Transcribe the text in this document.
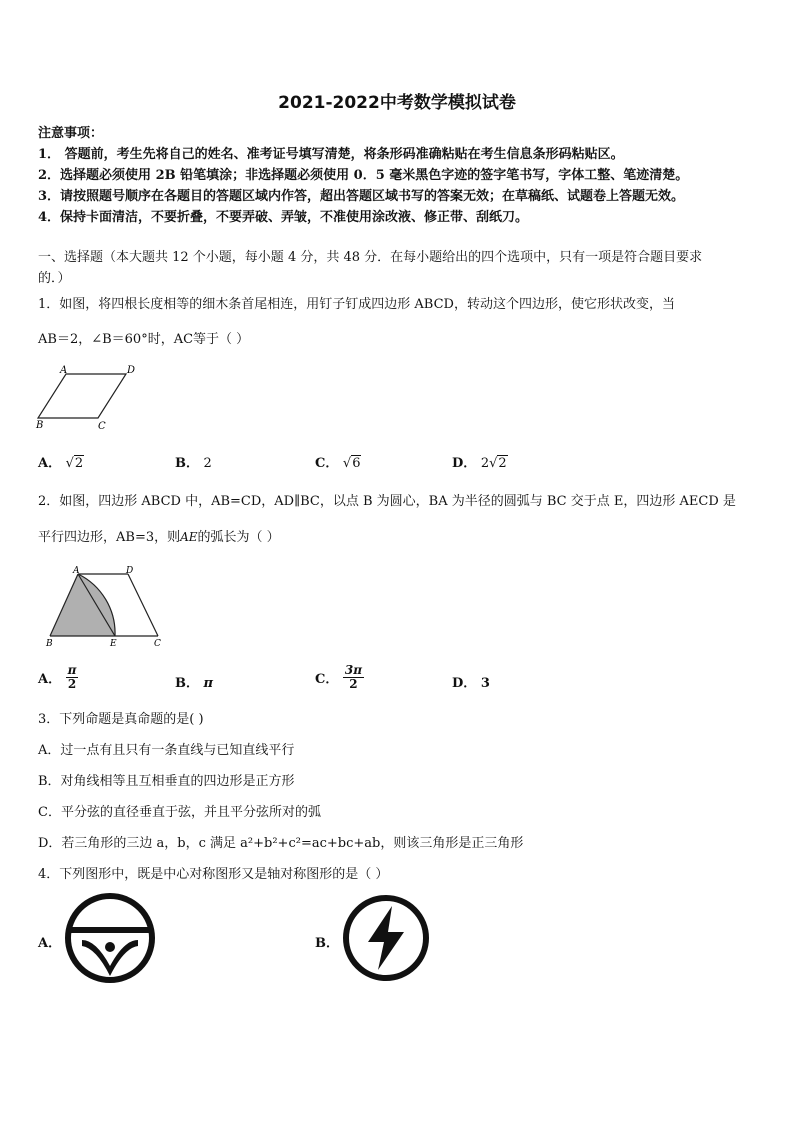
2021-2022中考数学模拟试卷
注意事项：
1． 答题前，考生先将自己的姓名、准考证号填写清楚，将条形码准确粘贴在考生信息条形码粘贴区。
2．选择题必须使用 2B 铅笔填涂；非选择题必须使用 0．5 毫米黑色字迹的签字笔书写，字体工整、笔迹清楚。
3．请按照题号顺序在各题目的答题区域内作答，超出答题区域书写的答案无效；在草稿纸、试题卷上答题无效。
4．保持卡面清洁，不要折叠，不要弄破、弄皱，不准使用涂改液、修正带、刮纸刀。
一、选择题（本大题共 12 个小题，每小题 4 分，共 48 分．在每小题给出的四个选项中，只有一项是符合题目要求
的．）
1．如图，将四根长度相等的细木条首尾相连，用钉子钉成四边形 ABCD，转动这个四边形，使它形状改变，当
AB＝2，∠B＝60°时，AC等于（ ）
A	D
B	C
A． √2	B． 2	C． √6	D． 2√2
2．如图，四边形 ABCD 中，AB=CD，AD∥BC，以点 B 为圆心，BA 为半径的圆弧与 BC 交于点 E，四边形 AECD 是
平行四边形，AB=3，则AE的弧长为（ ）
A	D
B	E	C
A． $\frac{\pi}{2}$	B． π	C． $\frac{3\pi}{2}$	D． 3
3．下列命题是真命题的是( )
A．过一点有且只有一条直线与已知直线平行
B．对角线相等且互相垂直的四边形是正方形
C．平分弦的直径垂直于弦，并且平分弦所对的弧
D．若三角形的三边 a，b，c 满足 a²+b²+c²=ac+bc+ab，则该三角形是正三角形
4．下列图形中，既是中心对称图形又是轴对称图形的是（ ）
A．	B．
